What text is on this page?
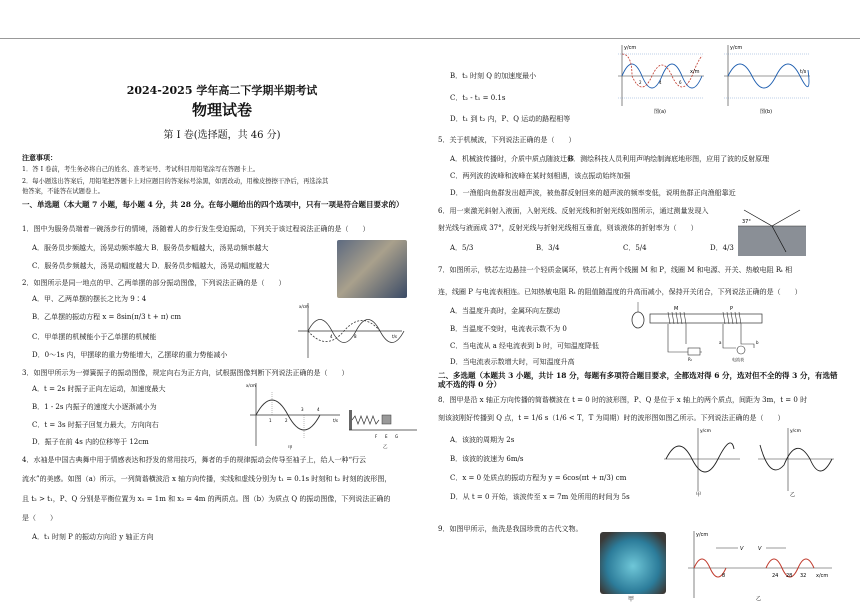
2024-2025 学年高二下学期半期考试
物理试卷
第 I 卷(选择题，共 46 分)
注意事项：
1．答 I 卷前，考生务必将自己的姓名、准考证号、考试科目用铅笔涂写在答题卡上。
2．每小题选出答案后，用铅笔把答题卡上对应题目的答案标号涂黑，如需改动，用橡皮擦擦干净后，再选涂其
他答案，不能答在试题卷上。
一、单选题（本大题 7 小题，每小题 4 分，共 28 分。在每小题给出的四个选项中，只有一项是符合题目要求的）
1．图中为服务员端着一碗汤步行的情境，汤随着人的步行发生受迫振动，下列关于该过程说法正确的是（　　）
A．服务员步频越大，汤晃动频率越大 B．服务员步幅越大，汤晃动频率越大
C．服务员步频越大，汤晃动幅度越大 D．服务员步幅越大，汤晃动幅度越大
2．如图所示是同一地点的甲、乙两单摆的部分振动图像，下列说法正确的是（　　）
A．甲、乙两单摆的摆长之比为 9∶4
B．乙单摆的振动方程 x = 8sin(π/3 t + π) cm
C．甲单摆的机械能小于乙单摆的机械能
D．0～1s 内，甲摆球的重力势能增大，乙摆球的重力势能减小
x/cm
4	8	t/s
3．如图甲所示为一弹簧振子的振动图像，规定向右为正方向，试根据图像判断下列说法正确的是（　　）
A．t = 2s 时振子正向左运动，加速度最大
B．1 - 2s 内振子的速度大小逐渐减小为
C．t = 3s 时振子回复力最大，方向向右
D．振子在前 4s 内的位移等于 12cm
x/cm
1	2
3	4
t/s
甲
F E G
乙
4．水袖是中国古典舞中用于情感表达和抒发的常用技巧，舞者的手的规律振动会传导至袖子上，给人一种“行云
流水”的美感。如图（a）所示，一列简谐横波沿 x 轴方向传播，实线和虚线分别为 t₁ = 0.1s 时刻和 t₂ 时刻的波形图，
且 t₂ > t₁，P、Q 分别是平衡位置为 x₁ = 1m 和 x₂ = 4m 的两质点。图（b）为质点 Q 的振动图像，下列说法正确的
是（　　）
A．t₁ 时刻 P 的振动方向沿 y 轴正方向
B．t₂ 时刻 Q 的加速度最小
C．t₂ - t₁ = 0.1s
D．t₁ 到 t₂ 内，P、Q 运动的路程相等
y/cm
x/m
2	4	6
图(a)
y/cm
t/s
图(b)
5．关于机械波，下列说法正确的是（　　）
A．机械波传播时，介质中质点随波迁移
B．测绘科技人员利用声呐绘制海底地形图，应用了波的反射原理
C．两列波的波峰和波峰在某时刻相遇，该点振动始终加强
D．一渔船向鱼群发出超声波，被鱼群反射回来的超声波的频率变低，说明鱼群正向渔船靠近
6．用一束激光斜射入液面，入射光线、反射光线和折射光线如图所示，通过测量发现入
射光线与液面成 37°，反射光线与折射光线相互垂直，则该液体的折射率为（　　）
A．5/3	B．3/4	C．5/4	D．4/3
37°
7．如图所示，铁芯左边悬挂一个轻质金属环，铁芯上有两个线圈 M 和 P，线圈 M 和电源、开关、热敏电阻 Rₜ 相
连，线圈 P 与电流表相连。已知热敏电阻 Rₜ 的阻值随温度的升高而减小，保持开关闭合，下列说法正确的是（　　）
A．当温度升高时，金属环向左摆动
B．当温度不变时，电流表示数不为 0
C．当电流从 a 经电流表到 b 时，可知温度降低
D．当电流表示数增大时，可知温度升高
M	P
Rₜ
a	b
电流表
二、多选题（本题共 3 小题，共计 18 分，每题有多项符合题目要求，全都选对得 6 分，选对但不全的得 3 分，有选错或不选的得 0 分）
8．图甲是沿 x 轴正方向传播的简谐横波在 t = 0 时的波形图，P、Q 是位于 x 轴上的两个质点，间距为 3m，t = 0 时
刻该波刚好传播到 Q 点，t = 1/6 s（1/6 < T，T 为周期）时的波形图如图乙所示。下列说法正确的是（　　）
A．该波的周期为 2s
B．该波的波速为 6m/s
C．x = 0 处质点的振动方程为 y = 6cos(πt + π/3) cm
D．从 t = 0 开始，该波传至 x = 7m 处所用的时间为 5s
y/cm
甲
y/cm
乙
9．如图甲所示，鱼洗是我国珍贵的古代文物。
甲
V	V
8	24 28 32 x/cm
y/cm
乙
